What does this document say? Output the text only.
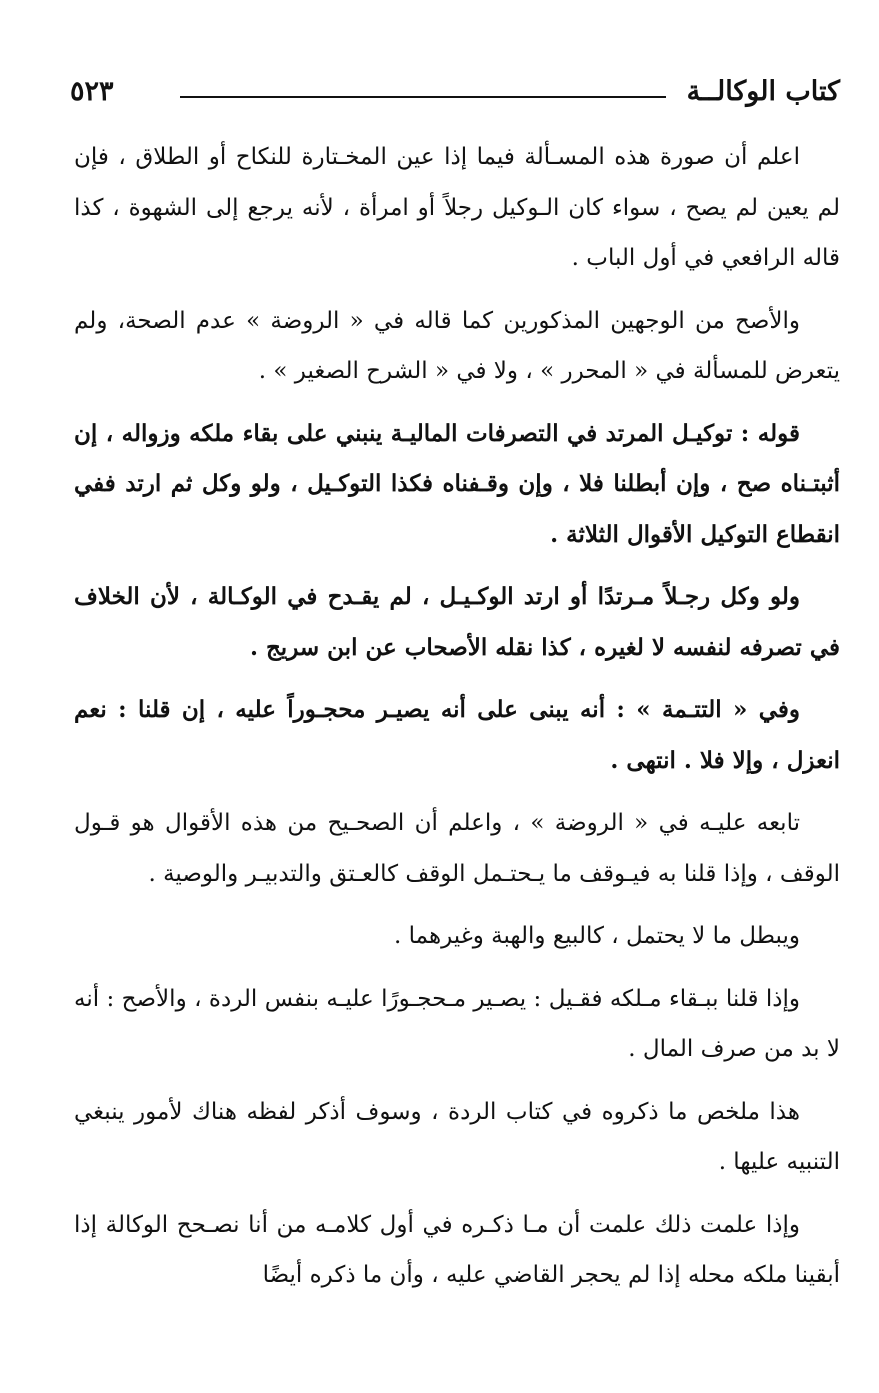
كتاب الوكالــة
٥٢٣

اعلم أن صورة هذه المسـألة فيما إذا عين المخـتارة للنكاح أو الطلاق ، فإن لم يعين لم يصح ، سواء كان الـوكيل رجلاً أو امرأة ، لأنه يرجع إلى الشهوة ، كذا قاله الرافعي في أول الباب .

والأصح من الوجهين المذكورين كما قاله في « الروضة » عدم الصحة، ولم يتعرض للمسألة في « المحرر » ، ولا في « الشرح الصغير » .

قوله : توكيـل المرتد في التصرفات الماليـة ينبني على بقاء ملكه وزواله ، إن أثبتـناه صح ، وإن أبطلنا فلا ، وإن وقـفناه فكذا التوكـيل ، ولو وكل ثم ارتد ففي انقطاع التوكيل الأقوال الثلاثة .

ولو وكل رجـلاً مـرتدًا أو ارتد الوكـيـل ، لم يقـدح في الوكـالة ، لأن الخلاف في تصرفه لنفسه لا لغيره ، كذا نقله الأصحاب عن ابن سريج .

وفي « التتـمة » : أنه يبنى على أنه يصيـر محجـوراً عليه ، إن قلنا : نعم انعزل ، وإلا فلا . انتهى .

تابعه عليـه في « الروضة » ، واعلم أن الصحـيح من هذه الأقوال هو قـول الوقف ، وإذا قلنا به فيـوقف ما يـحتـمل الوقف كالعـتق والتدبيـر والوصية .

ويبطل ما لا يحتمل ، كالبيع والهبة وغيرهما .

وإذا قلنا ببـقاء مـلكه فقـيل : يصـير مـحجـورًا عليـه بنفس الردة ، والأصح : أنه لا بد من صرف المال .

هذا ملخص ما ذكروه في كتاب الردة ، وسوف أذكر لفظه هناك لأمور ينبغي التنبيه عليها .

وإذا علمت ذلك علمت أن مـا ذكـره في أول كلامـه من أنا نصـحح الوكالة إذا أبقينا ملكه محله إذا لم يحجر القاضي عليه ، وأن ما ذكره أيضًا
